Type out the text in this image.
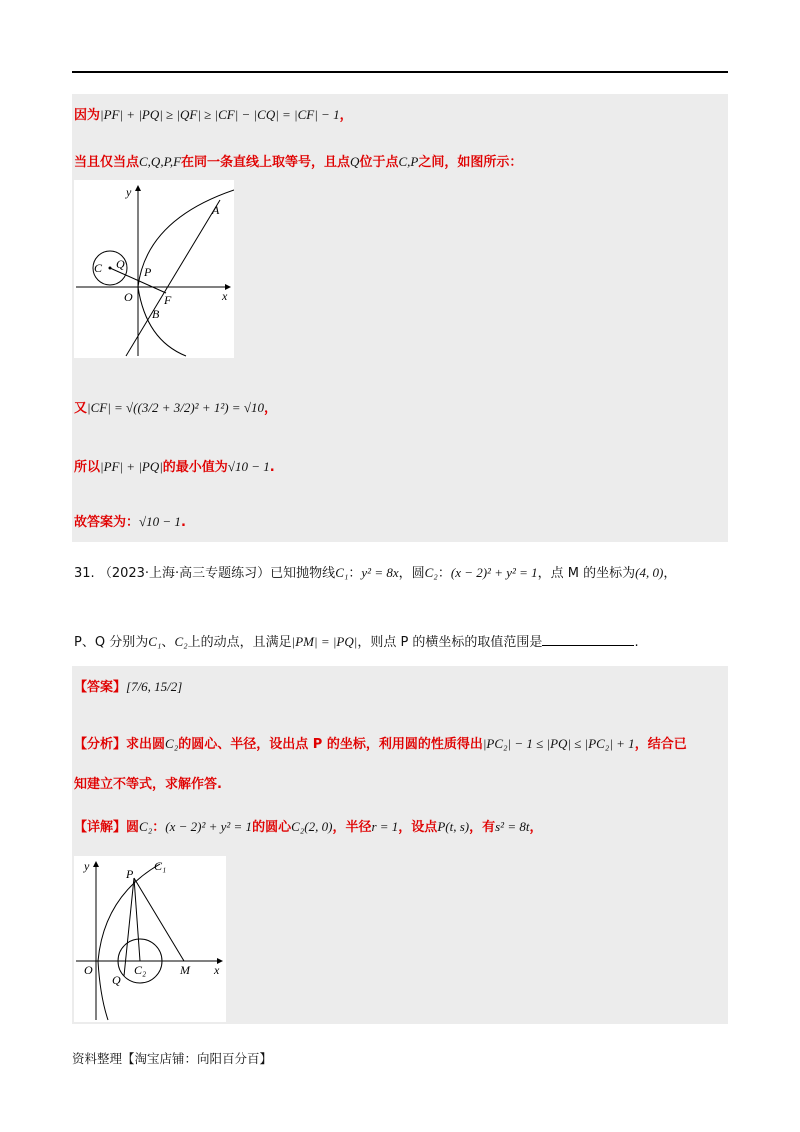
因为|PF| + |PQ| ≥ |QF| ≥ |CF| − |CQ| = |CF| − 1，
当且仅当点C,Q,P,F在同一条直线上取等号，且点Q位于点C,P之间，如图所示：
y
x
O
C Q
P
F
A
B
又|CF| = √((3/2 + 3/2)² + 1²) = √10，
所以|PF| + |PQ|的最小值为√10 − 1.
故答案为：√10 − 1.
31. （2023·上海·高三专题练习）已知抛物线C₁：y² = 8x，圆C₂：(x − 2)² + y² = 1，点 M 的坐标为(4, 0)，
P、Q 分别为C₁、C₂上的动点，且满足|PM| = |PQ|，则点 P 的横坐标的取值范围是	.
【答案】[7/6, 15/2]
【分析】求出圆C₂的圆心、半径，设出点 P 的坐标，利用圆的性质得出|PC₂| − 1 ≤ |PQ| ≤ |PC₂| + 1，结合已
知建立不等式，求解作答.
【详解】圆C₂：(x − 2)² + y² = 1的圆心C₂(2, 0)，半径r = 1，设点P(t, s)，有s² = 8t，
y
x
O
P
C₁
C₂
Q
M
资料整理【淘宝店铺：向阳百分百】
